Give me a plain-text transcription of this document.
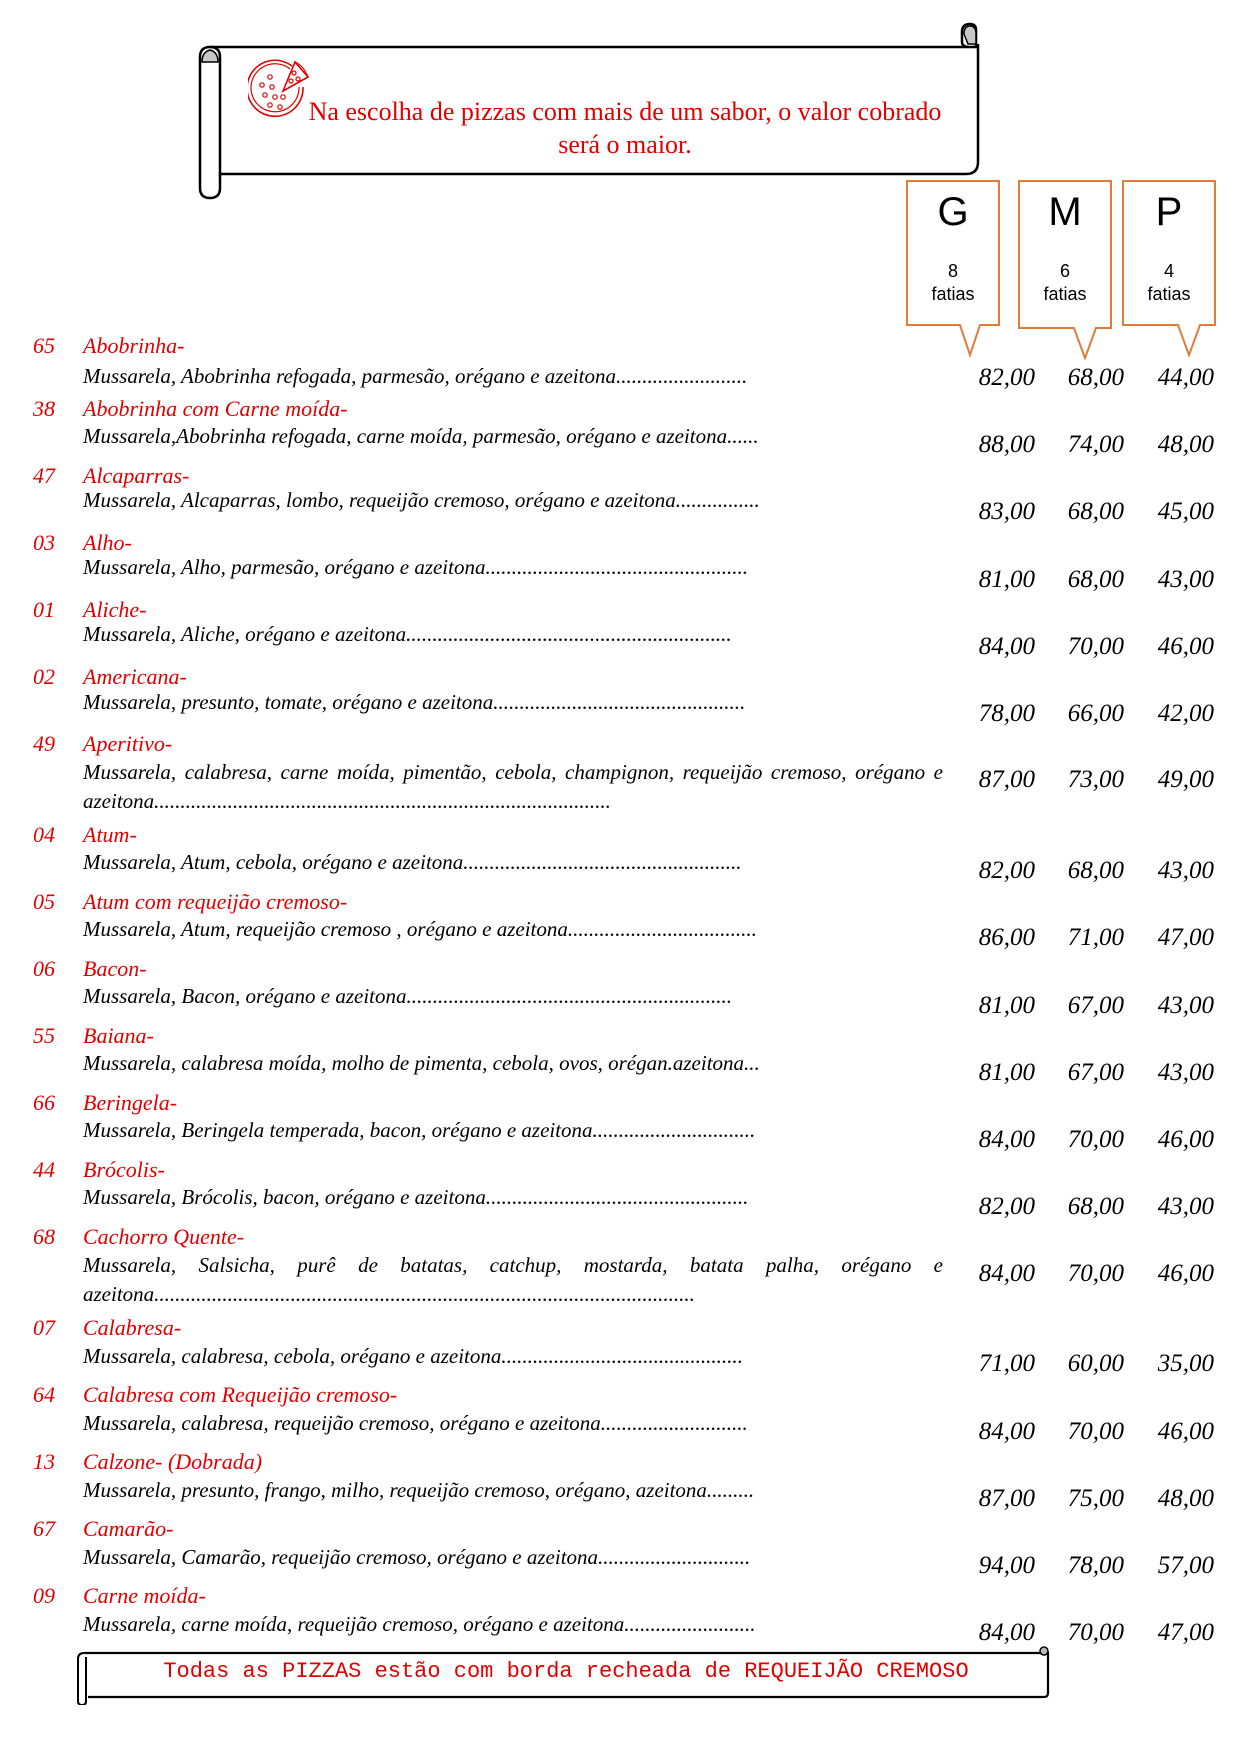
Na escolha de pizzas com mais de um sabor, o valor cobrado será o maior.
G
8
fatias
M
6
fatias
P
4
fatias
65 Abobrinha-
Mussarela, Abobrinha refogada, parmesão, orégano e azeitona.........................	82,00	68,00	44,00
38 Abobrinha com Carne moída-
Mussarela,Abobrinha refogada, carne moída, parmesão, orégano e azeitona......	88,00	74,00	48,00
47 Alcaparras-
Mussarela, Alcaparras, lombo, requeijão cremoso, orégano e azeitona................	83,00	68,00	45,00
03 Alho-
Mussarela, Alho, parmesão, orégano e azeitona..................................................	81,00	68,00	43,00
01 Aliche-
Mussarela, Aliche, orégano e azeitona..............................................................	84,00	70,00	46,00
02 Americana-
Mussarela, presunto, tomate, orégano e azeitona................................................	78,00	66,00	42,00
49 Aperitivo-
Mussarela, calabresa, carne moída, pimentão, cebola, champignon, requeijão cremoso, orégano e azeitona.......................................................................................
87,00	73,00	49,00
04 Atum-
Mussarela, Atum, cebola, orégano e azeitona.....................................................	82,00	68,00	43,00
05 Atum com requeijão cremoso-
Mussarela, Atum, requeijão cremoso , orégano e azeitona....................................	86,00	71,00	47,00
06 Bacon-
Mussarela, Bacon, orégano e azeitona..............................................................	81,00	67,00	43,00
55 Baiana-
Mussarela, calabresa moída, molho de pimenta, cebola, ovos, orégan.azeitona...	81,00	67,00	43,00
66 Beringela-
Mussarela, Beringela temperada, bacon, orégano e azeitona...............................	84,00	70,00	46,00
44 Brócolis-
Mussarela, Brócolis, bacon, orégano e azeitona..................................................	82,00	68,00	43,00
68 Cachorro Quente-
Mussarela, Salsicha, purê de batatas, catchup, mostarda, batata palha, orégano e azeitona.......................................................................................................
84,00	70,00	46,00
07 Calabresa-
Mussarela, calabresa, cebola, orégano e azeitona..............................................	71,00	60,00	35,00
64 Calabresa com Requeijão cremoso-
Mussarela, calabresa, requeijão cremoso, orégano e azeitona............................	84,00	70,00	46,00
13 Calzone- (Dobrada)
Mussarela, presunto, frango, milho, requeijão cremoso, orégano, azeitona.........	87,00	75,00	48,00
67 Camarão-
Mussarela, Camarão, requeijão cremoso, orégano e azeitona.............................	94,00	78,00	57,00
09 Carne moída-
Mussarela, carne moída, requeijão cremoso, orégano e azeitona.........................	84,00	70,00	47,00
Todas as PIZZAS estão com borda recheada de REQUEIJÃO CREMOSO
